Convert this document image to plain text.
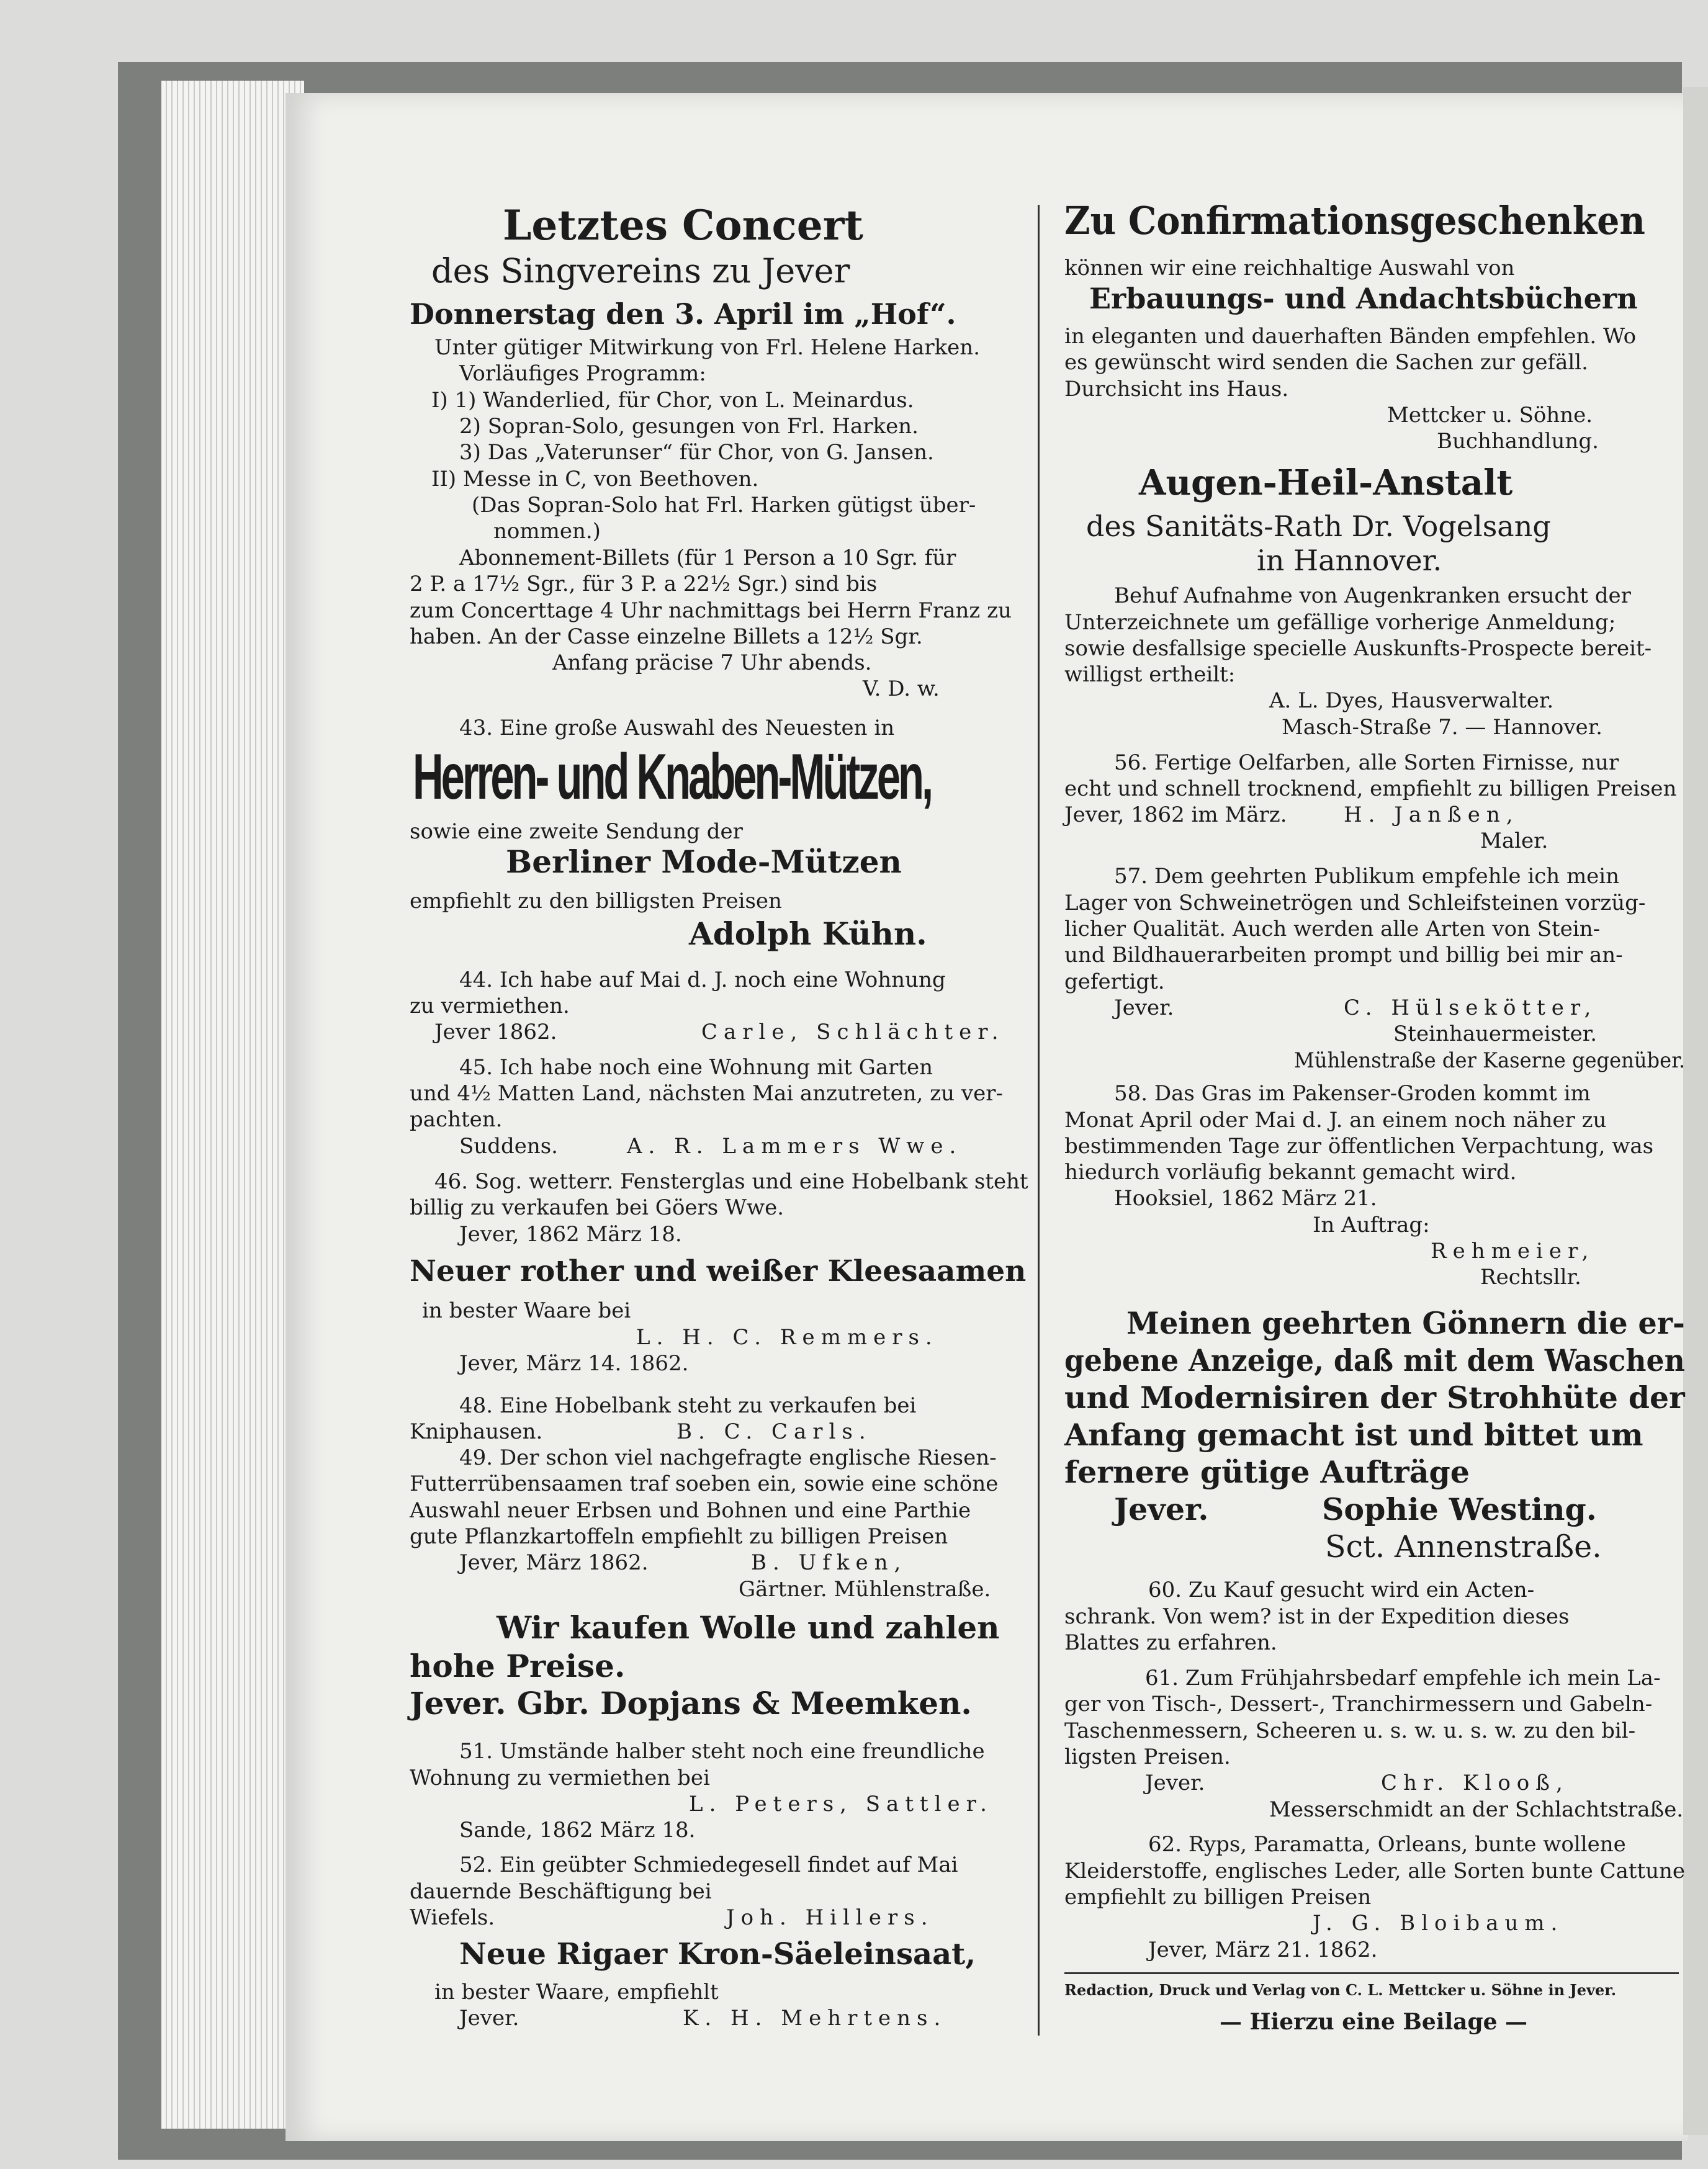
Letztes Concert
des Singvereins zu Jever
Donnerstag den 3. April im „Hof“.
Unter gütiger Mitwirkung von Frl. Helene Harken.
Vorläufiges Programm:
I) 1) Wanderlied, für Chor, von L. Meinardus.
2) Sopran-Solo, gesungen von Frl. Harken.
3) Das „Vaterunser“ für Chor, von G. Jansen.
II) Messe in C, von Beethoven.
(Das Sopran-Solo hat Frl. Harken gütigst über-
nommen.)
Abonnement-Billets (für 1 Person a 10 Sgr. für
2 P. a 17½ Sgr., für 3 P. a 22½ Sgr.) sind bis
zum Concerttage 4 Uhr nachmittags bei Herrn Franz zu
haben. An der Casse einzelne Billets a 12½ Sgr.
Anfang präcise 7 Uhr abends.
V. D. w.
43. Eine große Auswahl des Neuesten in
Herren- und Knaben-Mützen,
sowie eine zweite Sendung der
Berliner Mode-Mützen
empfiehlt zu den billigsten Preisen
Adolph Kühn.
44. Ich habe auf Mai d. J. noch eine Wohnung
zu vermiethen.
Jever 1862.	Carle, Schlächter.
45. Ich habe noch eine Wohnung mit Garten
und 4½ Matten Land, nächsten Mai anzutreten, zu ver-
pachten.
Suddens.	A. R. Lammers Wwe.
46. Sog. wetterr. Fensterglas und eine Hobelbank steht
billig zu verkaufen bei Göers Wwe.
Jever, 1862 März 18.
Neuer rother und weißer Kleesaamen
in bester Waare bei
L. H. C. Remmers.
Jever, März 14. 1862.
48. Eine Hobelbank steht zu verkaufen bei
Kniphausen.	B. C. Carls.
49. Der schon viel nachgefragte englische Riesen-
Futterrübensaamen traf soeben ein, sowie eine schöne
Auswahl neuer Erbsen und Bohnen und eine Parthie
gute Pflanzkartoffeln empfiehlt zu billigen Preisen
Jever, März 1862.	B. Ufken,
Gärtner. Mühlenstraße.
Wir kaufen Wolle und zahlen
hohe Preise.
Jever. Gbr. Dopjans & Meemken.
51. Umstände halber steht noch eine freundliche
Wohnung zu vermiethen bei
L. Peters, Sattler.
Sande, 1862 März 18.
52. Ein geübter Schmiedegesell findet auf Mai
dauernde Beschäftigung bei
Wiefels.	Joh. Hillers.
Neue Rigaer Kron-Säeleinsaat,
in bester Waare, empfiehlt
Jever.	K. H. Mehrtens.
Zu Confirmationsgeschenken
können wir eine reichhaltige Auswahl von
Erbauungs- und Andachtsbüchern
in eleganten und dauerhaften Bänden empfehlen. Wo
es gewünscht wird senden die Sachen zur gefäll.
Durchsicht ins Haus.
Mettcker u. Söhne.
Buchhandlung.
Augen-Heil-Anstalt
des Sanitäts-Rath Dr. Vogelsang
in Hannover.
Behuf Aufnahme von Augenkranken ersucht der
Unterzeichnete um gefällige vorherige Anmeldung;
sowie desfallsige specielle Auskunfts-Prospecte bereit-
willigst ertheilt:
A. L. Dyes, Hausverwalter.
Masch-Straße 7. — Hannover.
56. Fertige Oelfarben, alle Sorten Firnisse, nur
echt und schnell trocknend, empfiehlt zu billigen Preisen
Jever, 1862 im März.	H. Janßen,
Maler.
57. Dem geehrten Publikum empfehle ich mein
Lager von Schweinetrögen und Schleifsteinen vorzüg-
licher Qualität. Auch werden alle Arten von Stein-
und Bildhauerarbeiten prompt und billig bei mir an-
gefertigt.
Jever.	C. Hülsekötter,
Steinhauermeister.
Mühlenstraße der Kaserne gegenüber.
58. Das Gras im Pakenser-Groden kommt im
Monat April oder Mai d. J. an einem noch näher zu
bestimmenden Tage zur öffentlichen Verpachtung, was
hiedurch vorläufig bekannt gemacht wird.
Hooksiel, 1862 März 21.
In Auftrag:
Rehmeier,
Rechtsllr.
Meinen geehrten Gönnern die er-
gebene Anzeige, daß mit dem Waschen
und Modernisiren der Strohhüte der
Anfang gemacht ist und bittet um
fernere gütige Aufträge
Jever.	Sophie Westing.
Sct. Annenstraße.
60. Zu Kauf gesucht wird ein Acten-
schrank. Von wem? ist in der Expedition dieses
Blattes zu erfahren.
61. Zum Frühjahrsbedarf empfehle ich mein La-
ger von Tisch-, Dessert-, Tranchirmessern und Gabeln-
Taschenmessern, Scheeren u. s. w. u. s. w. zu den bil-
ligsten Preisen.
Jever.	Chr. Klooß,
Messerschmidt an der Schlachtstraße.
62. Ryps, Paramatta, Orleans, bunte wollene
Kleiderstoffe, englisches Leder, alle Sorten bunte Cattune
empfiehlt zu billigen Preisen
J. G. Bloibaum.
Jever, März 21. 1862.
Redaction, Druck und Verlag von C. L. Mettcker u. Söhne in Jever.
— Hierzu eine Beilage —
